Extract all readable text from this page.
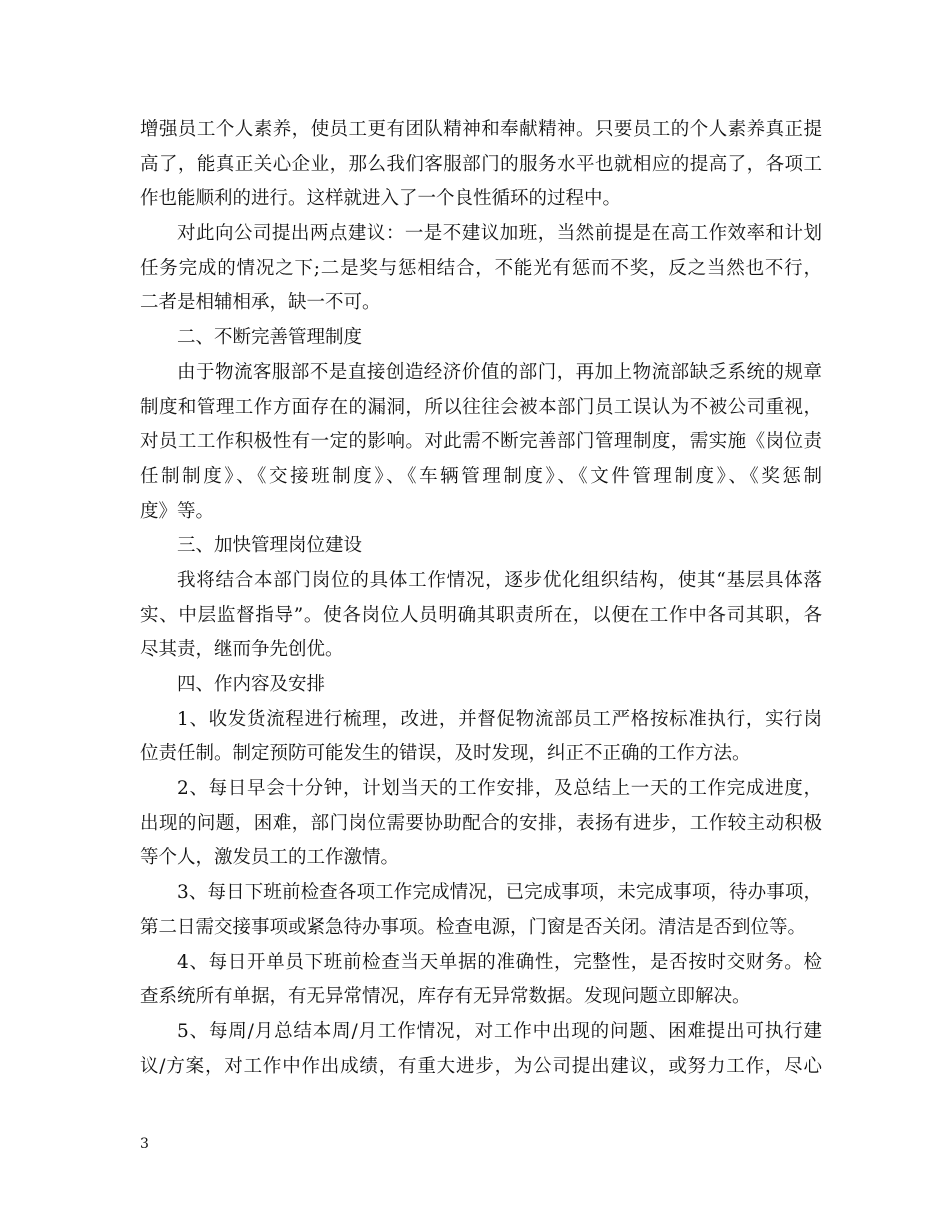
增强员工个人素养，使员工更有团队精神和奉献精神。只要员工的个人素养真正提
高了，能真正关心企业，那么我们客服部门的服务水平也就相应的提高了，各项工
作也能顺利的进行。这样就进入了一个良性循环的过程中。
对此向公司提出两点建议：一是不建议加班，当然前提是在高工作效率和计划
任务完成的情况之下;二是奖与惩相结合，不能光有惩而不奖，反之当然也不行，
二者是相辅相承，缺一不可。
二、不断完善管理制度
由于物流客服部不是直接创造经济价值的部门，再加上物流部缺乏系统的规章
制度和管理工作方面存在的漏洞，所以往往会被本部门员工误认为不被公司重视，
对员工工作积极性有一定的影响。对此需不断完善部门管理制度，需实施《岗位责
任制制度》、《交接班制度》、《车辆管理制度》、《文件管理制度》、《奖惩制
度》等。
三、加快管理岗位建设
我将结合本部门岗位的具体工作情况，逐步优化组织结构，使其“基层具体落
实、中层监督指导”。使各岗位人员明确其职责所在，以便在工作中各司其职，各
尽其责，继而争先创优。
四、作内容及安排
1、收发货流程进行梳理，改进，并督促物流部员工严格按标准执行，实行岗
位责任制。制定预防可能发生的错误，及时发现，纠正不正确的工作方法。
2、每日早会十分钟，计划当天的工作安排，及总结上一天的工作完成进度，
出现的问题，困难，部门岗位需要协助配合的安排，表扬有进步，工作较主动积极
等个人，激发员工的工作激情。
3、每日下班前检查各项工作完成情况，已完成事项，未完成事项，待办事项，
第二日需交接事项或紧急待办事项。检查电源，门窗是否关闭。清洁是否到位等。
4、每日开单员下班前检查当天单据的准确性，完整性，是否按时交财务。检
查系统所有单据，有无异常情况，库存有无异常数据。发现问题立即解决。
5、每周/月总结本周/月工作情况，对工作中出现的问题、困难提出可执行建
议/方案，对工作中作出成绩，有重大进步，为公司提出建议，或努力工作，尽心
3
